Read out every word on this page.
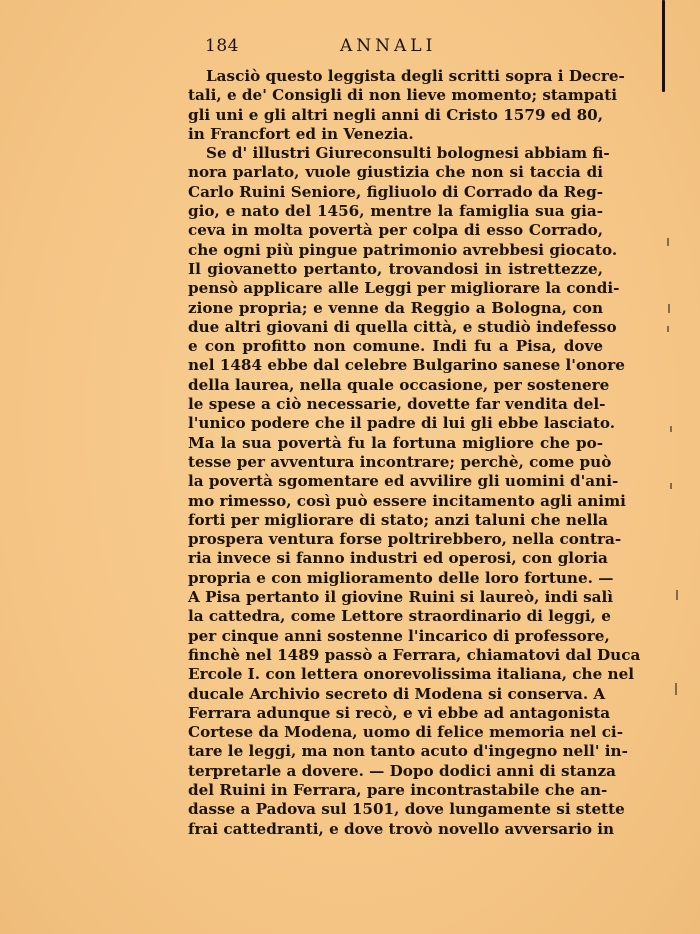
184	ANNALI
Lasciò questo leggista degli scritti sopra i Decre-
tali, e de' Consigli di non lieve momento; stampati
gli uni e gli altri negli anni di Cristo 1579 ed 80,
in Francfort ed in Venezia.
Se d' illustri Giureconsulti bolognesi abbiam fi-
nora parlato, vuole giustizia che non si taccia di
Carlo Ruini Seniore, figliuolo di Corrado da Reg-
gio, e nato del 1456, mentre la famiglia sua gia-
ceva in molta povertà per colpa di esso Corrado,
che ogni più pingue patrimonio avrebbesi giocato.
Il giovanetto pertanto, trovandosi in istrettezze,
pensò applicare alle Leggi per migliorare la condi-
zione propria; e venne da Reggio a Bologna, con
due altri giovani di quella città, e studiò indefesso
e con profitto non comune. Indi fu a Pisa, dove
nel 1484 ebbe dal celebre Bulgarino sanese l'onore
della laurea, nella quale occasione, per sostenere
le spese a ciò necessarie, dovette far vendita del-
l'unico podere che il padre di lui gli ebbe lasciato.
Ma la sua povertà fu la fortuna migliore che po-
tesse per avventura incontrare; perchè, come può
la povertà sgomentare ed avvilire gli uomini d'ani-
mo rimesso, così può essere incitamento agli animi
forti per migliorare di stato; anzi taluni che nella
prospera ventura forse poltrirebbero, nella contra-
ria invece si fanno industri ed operosi, con gloria
propria e con miglioramento delle loro fortune. —
A Pisa pertanto il giovine Ruini si laureò, indi salì
la cattedra, come Lettore straordinario di leggi, e
per cinque anni sostenne l'incarico di professore,
finchè nel 1489 passò a Ferrara, chiamatovi dal Duca
Ercole I. con lettera onorevolissima italiana, che nel
ducale Archivio secreto di Modena si conserva. A
Ferrara adunque si recò, e vi ebbe ad antagonista
Cortese da Modena, uomo di felice memoria nel ci-
tare le leggi, ma non tanto acuto d'ingegno nell' in-
terpretarle a dovere. — Dopo dodici anni di stanza
del Ruini in Ferrara, pare incontrastabile che an-
dasse a Padova sul 1501, dove lungamente si stette
frai cattedranti, e dove trovò novello avversario in
